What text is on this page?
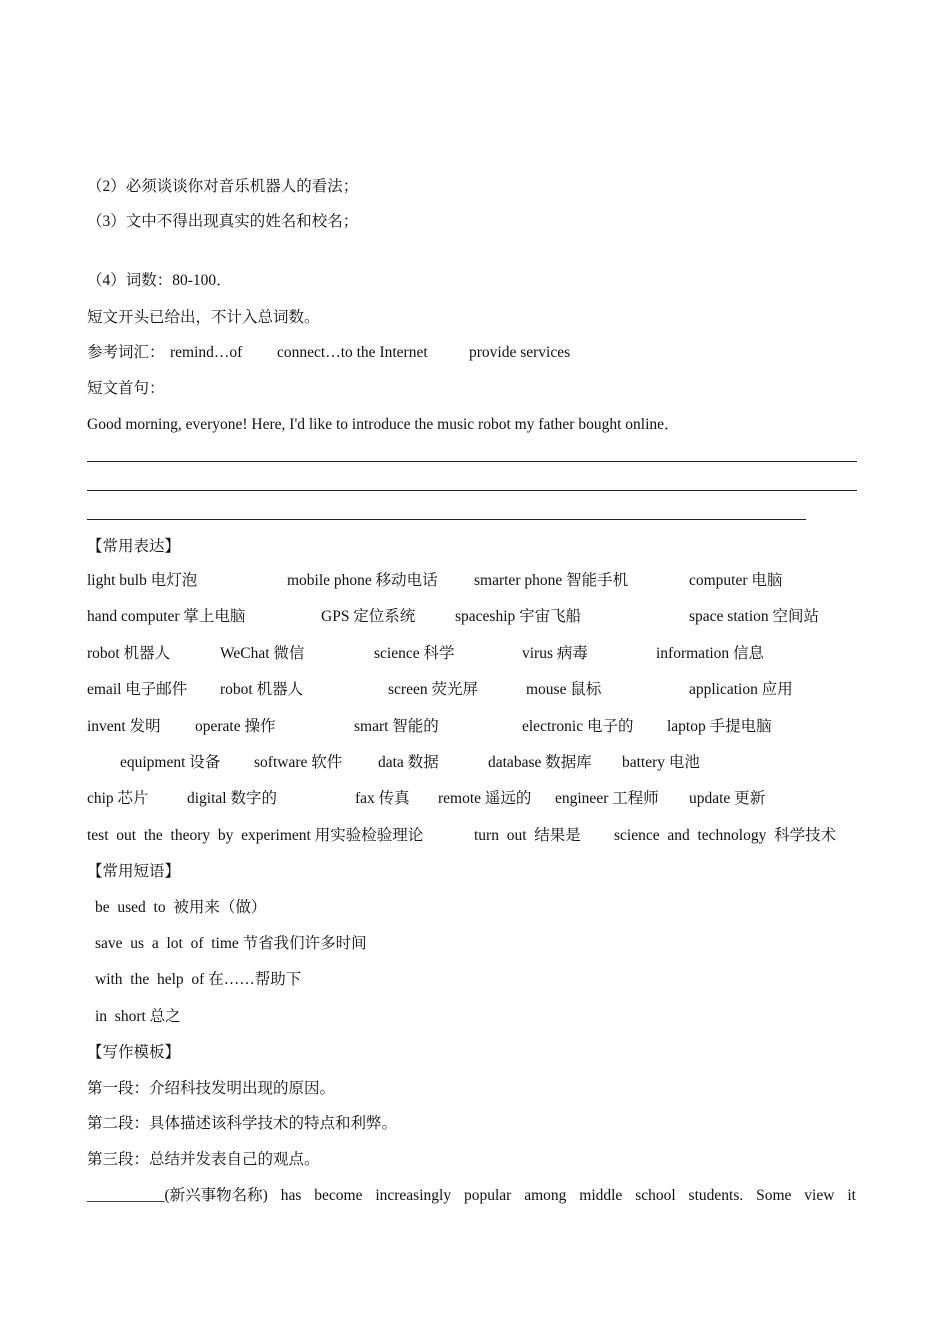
（2）必须谈谈你对音乐机器人的看法；
（3）文中不得出现真实的姓名和校名；
（4）词数：80-100．
短文开头已给出，不计入总词数。
参考词汇： remind…of connect…to the Internet	provide services
短文首句：
Good morning, everyone! Here, I'd like to introduce the music robot my father bought online．
【常用表达】
light bulb 电灯泡	mobile phone 移动电话 smarter phone 智能手机	computer 电脑
hand computer 掌上电脑	GPS 定位系统	spaceship 宇宙飞船	space station 空间站
robot 机器人	WeChat 微信	science 科学	virus 病毒	information 信息
email 电子邮件 robot 机器人	screen 荧光屏	mouse 鼠标	application 应用
invent 发明 operate 操作	smart 智能的	electronic 电子的 laptop 手提电脑
equipment 设备 software 软件 data 数据	database 数据库 battery 电池
chip 芯片 digital 数字的	fax 传真 remote 遥远的 engineer 工程师 update 更新
test  out  the  theory  by  experiment 用实验检验理论	turn  out  结果是 science  and  technology  科学技术
【常用短语】
be  used  to  被用来（做）
save  us  a  lot  of  time 节省我们许多时间
with  the  help  of 在……帮助下
in  short 总之
【写作模板】
第一段：介绍科技发明出现的原因。
第二段：具体描述该科学技术的特点和利弊。
第三段：总结并发表自己的观点。
__________(新兴事物名称) has become increasingly popular among middle school students. Some view it
